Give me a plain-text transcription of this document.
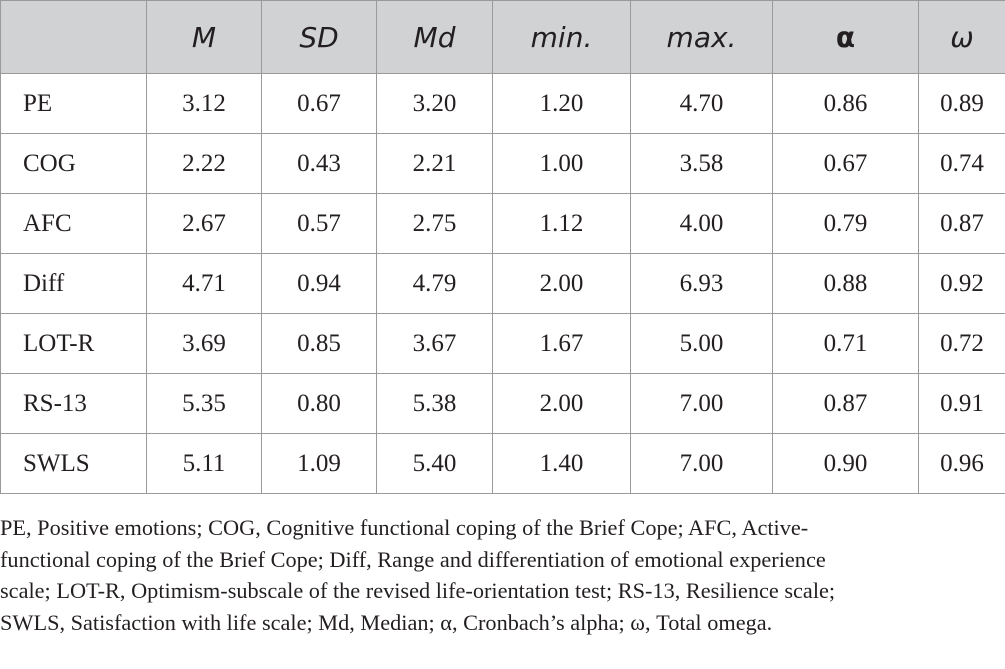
	M	SD	Md	min.	max.	α	ω
PE	3.12	0.67	3.20	1.20	4.70	0.86	0.89
COG	2.22	0.43	2.21	1.00	3.58	0.67	0.74
AFC	2.67	0.57	2.75	1.12	4.00	0.79	0.87
Diff	4.71	0.94	4.79	2.00	6.93	0.88	0.92
LOT-R	3.69	0.85	3.67	1.67	5.00	0.71	0.72
RS-13	5.35	0.80	5.38	2.00	7.00	0.87	0.91
SWLS	5.11	1.09	5.40	1.40	7.00	0.90	0.96
PE, Positive emotions; COG, Cognitive functional coping of the Brief Cope; AFC, Active-
functional coping of the Brief Cope; Diff, Range and differentiation of emotional experience
scale; LOT-R, Optimism-subscale of the revised life-orientation test; RS-13, Resilience scale;
SWLS, Satisfaction with life scale; Md, Median; α, Cronbach’s alpha; ω, Total omega.
